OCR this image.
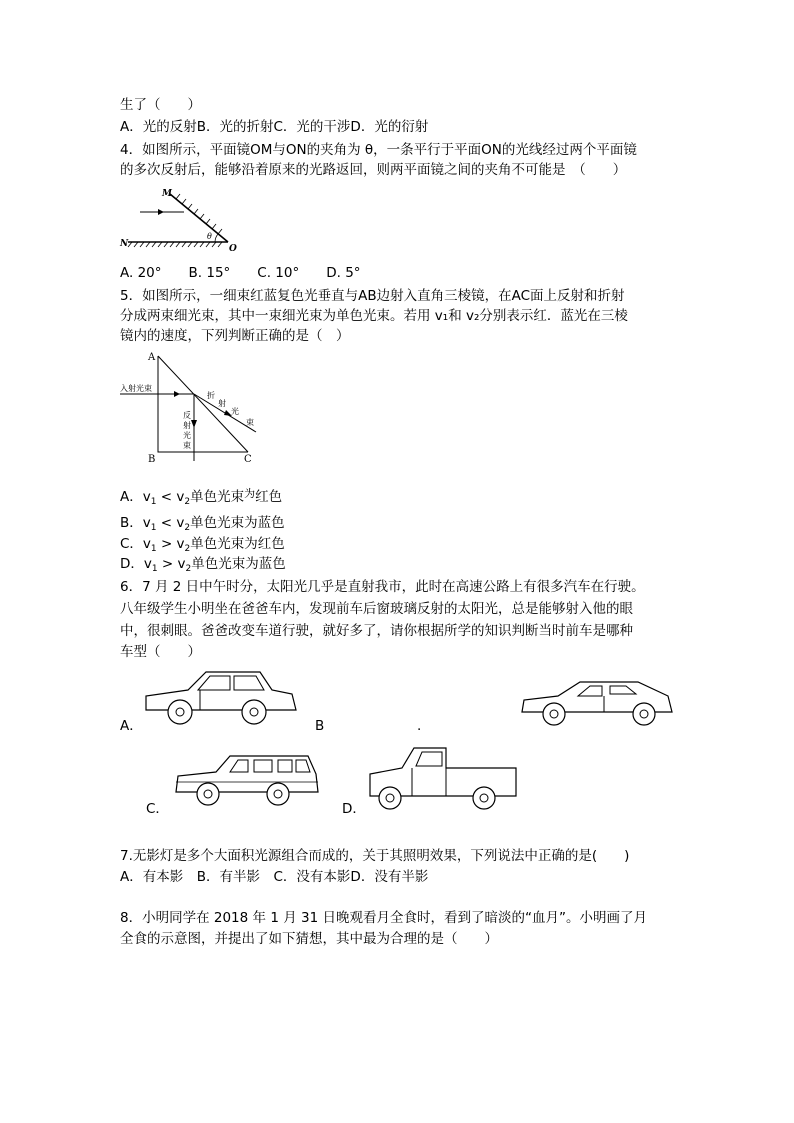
生了（　　）
A．光的反射B．光的折射C．光的干涉D．光的衍射
4．如图所示，平面镜OM与ON的夹角为 θ，一条平行于平面ON的光线经过两个平面镜
的多次反射后，能够沿着原来的光路返回，则两平面镜之间的夹角不可能是　（　　）
M
N	O
θ
A. 20°　　B. 15°　　C. 10°　　D. 5°
5．如图所示，一细束红蓝复色光垂直与AB边射入直角三棱镜，在AC面上反射和折射
分成两束细光束，其中一束细光束为单色光束。若用 v₁和 v₂分别表示红．蓝光在三棱
镜内的速度，下列判断正确的是（　）
A
B	C
入射光束
折
射
光
束
反
射
光
束
A．$v_1 < v_2$单色光束$^为$红色
B．$v_1 < v_2$单色光束为蓝色
C．$v_1 > v_2$单色光束为红色
D．$v_1 > v_2$单色光束为蓝色
6．7 月 2 日中午时分，太阳光几乎是直射我市，此时在高速公路上有很多汽车在行驶。
八年级学生小明坐在爸爸车内，发现前车后窗玻璃反射的太阳光，总是能够射入他的眼
中，很刺眼。爸爸改变车道行驶，就好多了，请你根据所学的知识判断当时前车是哪种
车型（　　）
A．	B	.
C．	D．
7.无影灯是多个大面积光源组合而成的，关于其照明效果，下列说法中正确的是(　　)
A．有本影　B．有半影　C．没有本影D．没有半影
8．小明同学在 2018 年 1 月 31 日晚观看月全食时，看到了暗淡的“血月”。小明画了月
全食的示意图，并提出了如下猜想，其中最为合理的是（　　）
